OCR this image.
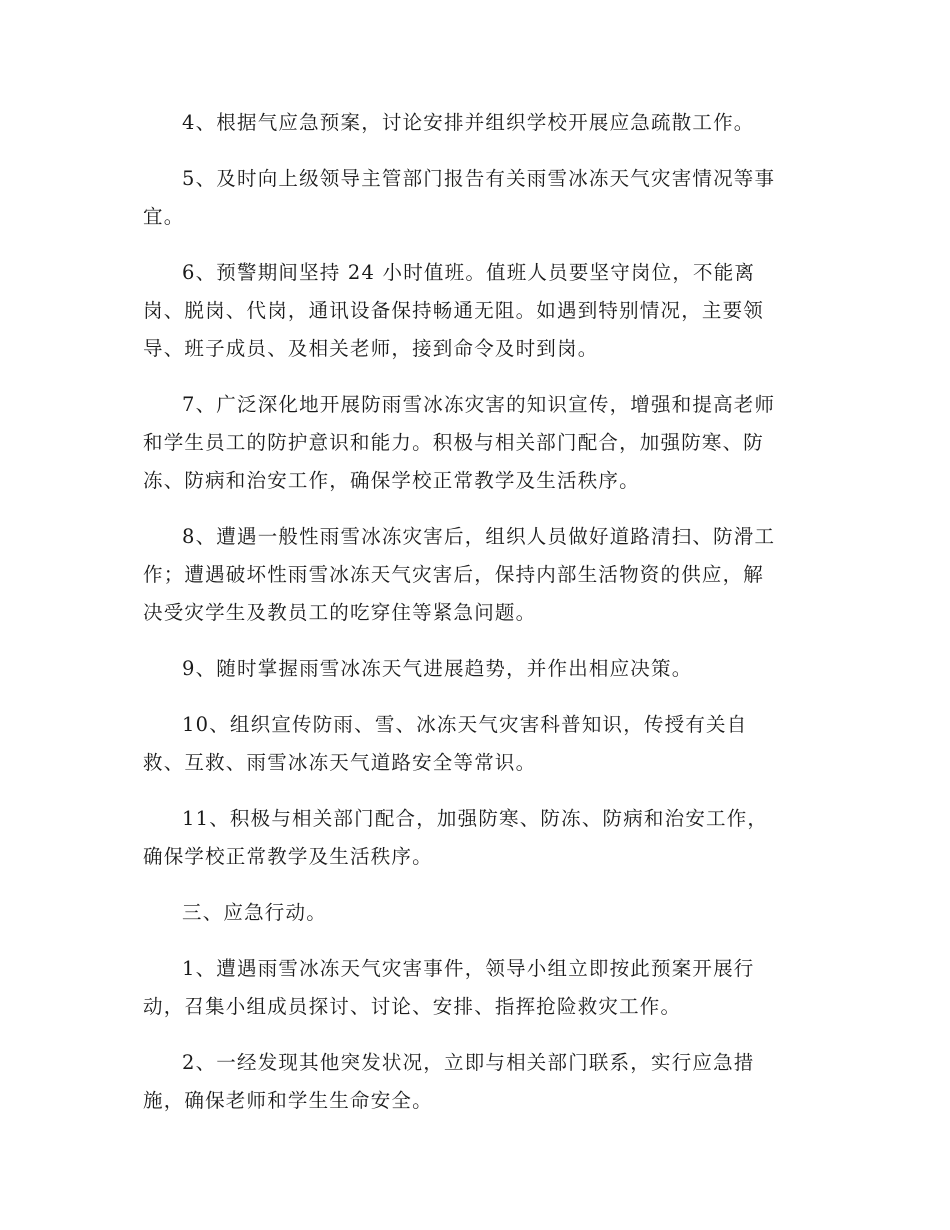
4、根据气应急预案，讨论安排并组织学校开展应急疏散工作。

5、及时向上级领导主管部门报告有关雨雪冰冻天气灾害情况等事
宜。

6、预警期间坚持 24 小时值班。值班人员要坚守岗位，不能离
岗、脱岗、代岗，通讯设备保持畅通无阻。如遇到特别情况，主要领
导、班子成员、及相关老师，接到命令及时到岗。

7、广泛深化地开展防雨雪冰冻灾害的知识宣传，增强和提高老师
和学生员工的防护意识和能力。积极与相关部门配合，加强防寒、防
冻、防病和治安工作，确保学校正常教学及生活秩序。

8、遭遇一般性雨雪冰冻灾害后，组织人员做好道路清扫、防滑工
作；遭遇破坏性雨雪冰冻天气灾害后，保持内部生活物资的供应，解
决受灾学生及教员工的吃穿住等紧急问题。

9、随时掌握雨雪冰冻天气进展趋势，并作出相应决策。

10、组织宣传防雨、雪、冰冻天气灾害科普知识，传授有关自
救、互救、雨雪冰冻天气道路安全等常识。

11、积极与相关部门配合，加强防寒、防冻、防病和治安工作，
确保学校正常教学及生活秩序。

三、应急行动。

1、遭遇雨雪冰冻天气灾害事件，领导小组立即按此预案开展行
动，召集小组成员探讨、讨论、安排、指挥抢险救灾工作。

2、一经发现其他突发状况，立即与相关部门联系，实行应急措
施，确保老师和学生生命安全。
